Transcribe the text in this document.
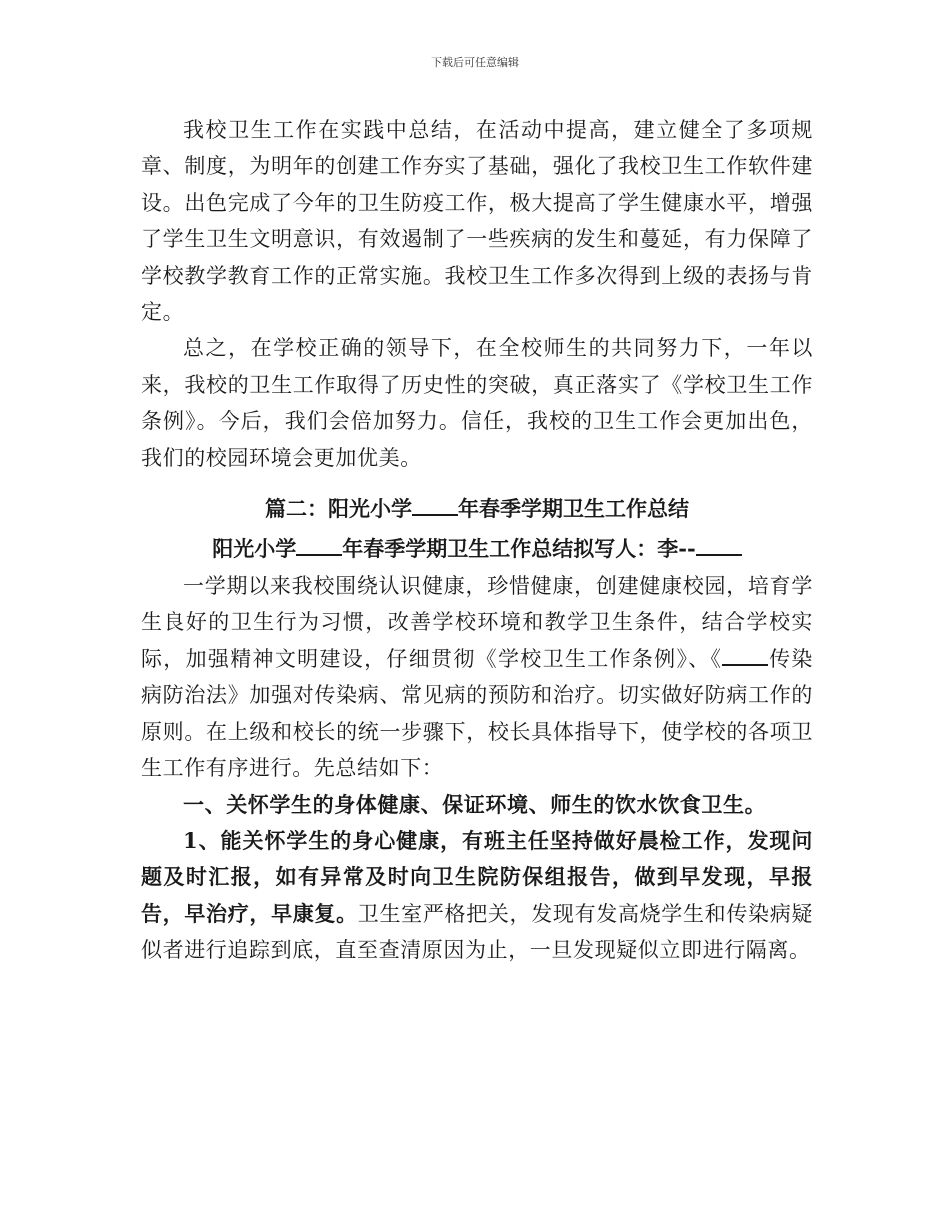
下载后可任意编辑

我校卫生工作在实践中总结，在活动中提高，建立健全了多项规章、制度，为明年的创建工作夯实了基础，强化了我校卫生工作软件建设。出色完成了今年的卫生防疫工作，极大提高了学生健康水平，增强了学生卫生文明意识，有效遏制了一些疾病的发生和蔓延，有力保障了学校教学教育工作的正常实施。我校卫生工作多次得到上级的表扬与肯定。

总之，在学校正确的领导下，在全校师生的共同努力下，一年以来，我校的卫生工作取得了历史性的突破，真正落实了《学校卫生工作条例》。今后，我们会倍加努力。信任，我校的卫生工作会更加出色，我们的校园环境会更加优美。

篇二：阳光小学 年春季学期卫生工作总结

阳光小学 年春季学期卫生工作总结拟写人：李--

一学期以来我校围绕认识健康，珍惜健康，创建健康校园，培育学生良好的卫生行为习惯，改善学校环境和教学卫生条件，结合学校实际，加强精神文明建设，仔细贯彻《学校卫生工作条例》、《 传染病防治法》加强对传染病、常见病的预防和治疗。切实做好防病工作的原则。在上级和校长的统一步骤下，校长具体指导下，使学校的各项卫生工作有序进行。先总结如下：

一、关怀学生的身体健康、保证环境、师生的饮水饮食卫生。

1、能关怀学生的身心健康，有班主任坚持做好晨检工作，发现问题及时汇报，如有异常及时向卫生院防保组报告，做到早发现，早报告，早治疗，早康复。卫生室严格把关，发现有发高烧学生和传染病疑似者进行追踪到底，直至查清原因为止，一旦发现疑似立即进行隔离。
